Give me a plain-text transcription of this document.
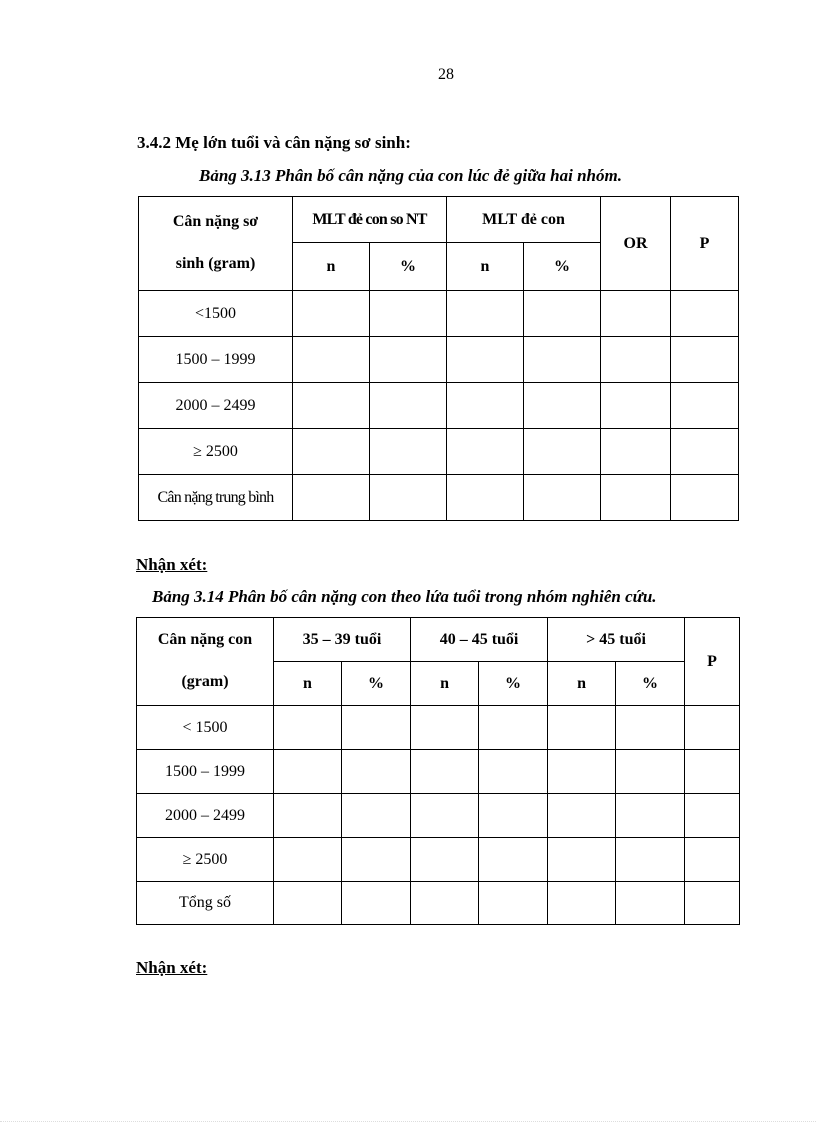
28
3.4.2 Mẹ lớn tuổi và cân nặng sơ sinh:
Bảng 3.13 Phân bố cân nặng của con lúc đẻ giữa hai nhóm.
Cân nặng sơ
sinh (gram)	MLT đẻ con so NT		MLT đẻ con		OR	P
	n	%	n	%		
<1500						
1500 – 1999						
2000 – 2499						
≥ 2500						
Cân nặng trung bình						
Nhận xét:
Bảng 3.14 Phân bố cân nặng con theo lứa tuổi trong nhóm nghiên cứu.
Cân nặng con
(gram)	35 – 39 tuổi		40 – 45 tuổi		> 45 tuổi		P
	n	%	n	%	n	%	
< 1500							
1500 – 1999							
2000 – 2499							
≥ 2500							
Tổng số							
Nhận xét:
